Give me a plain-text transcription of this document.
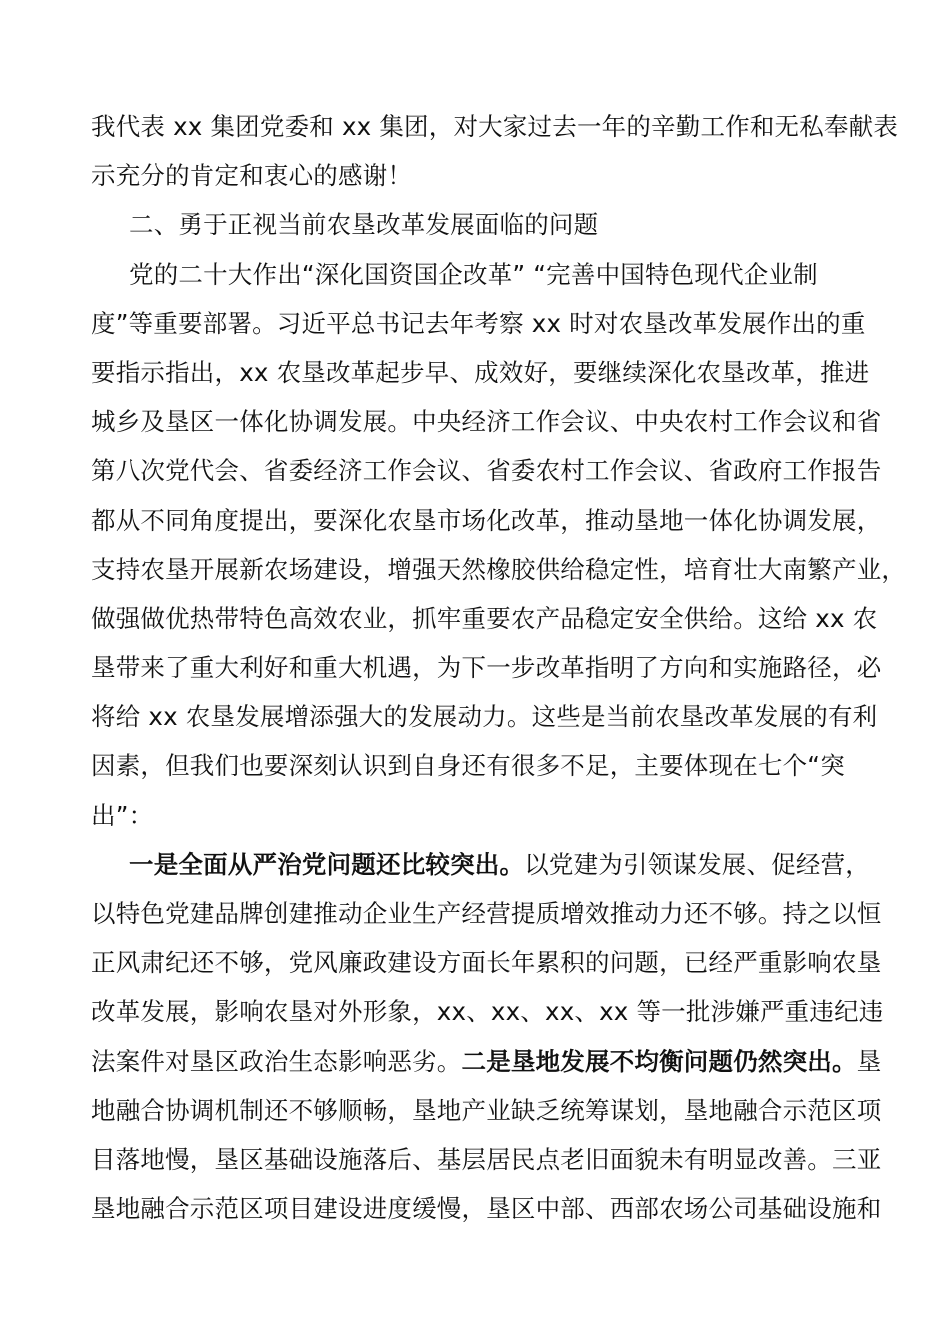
我代表 xx 集团党委和 xx 集团，对大家过去一年的辛勤工作和无私奉献表
示充分的肯定和衷心的感谢！
二、勇于正视当前农垦改革发展面临的问题
党的二十大作出“深化国资国企改革” “完善中国特色现代企业制
度”等重要部署。习近平总书记去年考察 xx 时对农垦改革发展作出的重
要指示指出，xx 农垦改革起步早、成效好，要继续深化农垦改革，推进
城乡及垦区一体化协调发展。中央经济工作会议、中央农村工作会议和省
第八次党代会、省委经济工作会议、省委农村工作会议、省政府工作报告
都从不同角度提出，要深化农垦市场化改革，推动垦地一体化协调发展，
支持农垦开展新农场建设，增强天然橡胶供给稳定性，培育壮大南繁产业，
做强做优热带特色高效农业，抓牢重要农产品稳定安全供给。这给 xx 农
垦带来了重大利好和重大机遇，为下一步改革指明了方向和实施路径，必
将给 xx 农垦发展增添强大的发展动力。这些是当前农垦改革发展的有利
因素，但我们也要深刻认识到自身还有很多不足，主要体现在七个“突
出”：
一是全面从严治党问题还比较突出。以党建为引领谋发展、促经营，
以特色党建品牌创建推动企业生产经营提质增效推动力还不够。持之以恒
正风肃纪还不够，党风廉政建设方面长年累积的问题，已经严重影响农垦
改革发展，影响农垦对外形象，xx、xx、xx、xx 等一批涉嫌严重违纪违
法案件对垦区政治生态影响恶劣。二是垦地发展不均衡问题仍然突出。垦
地融合协调机制还不够顺畅，垦地产业缺乏统筹谋划，垦地融合示范区项
目落地慢，垦区基础设施落后、基层居民点老旧面貌未有明显改善。三亚
垦地融合示范区项目建设进度缓慢，垦区中部、西部农场公司基础设施和
